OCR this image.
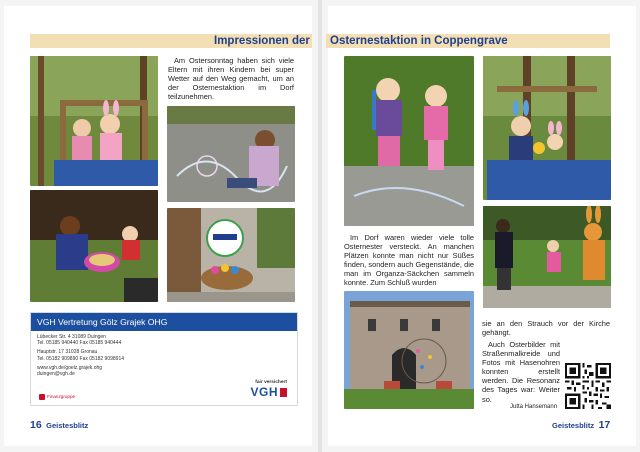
Impressionen der Osternestaktion in Coppengrave

Am Ostersonntag haben sich viele Eltern mit ihren Kindern bei super Wetter auf den Weg gemacht, um an der Osternestaktion im Dorf teilzunehmen.

VGH Vertretung Gölz Grajek OHG
Lübecker Str. 4 31089 Duingen
Tel. 05185 940440 Fax 05185 940444
Hauptstr. 17 31028 Gronau
Tel. 05182 909890 Fax 05182 9098914
www.vgh.de/goelz.grajek.ohg
duingen@vgh.de
Finanzgruppe
fair versichert
VGH
16 Geistesblitz

Im Dorf waren wieder viele tolle Osternester versteckt. An manchen Plätzen konnte man nicht nur Süßes finden, sondern auch Gegenstände, die man im Organza-Säckchen sammeln konnte. Zum Schluß wurden

sie an den Strauch vor der Kirche gehängt.

Auch Osterbilder mit Straßenmalkreide und Fotos mit Hasenohren konnten erstellt werden. Die Resonanz des Tages war: Weiter so.

Jutta Hansemann
Geistesblitz 17
